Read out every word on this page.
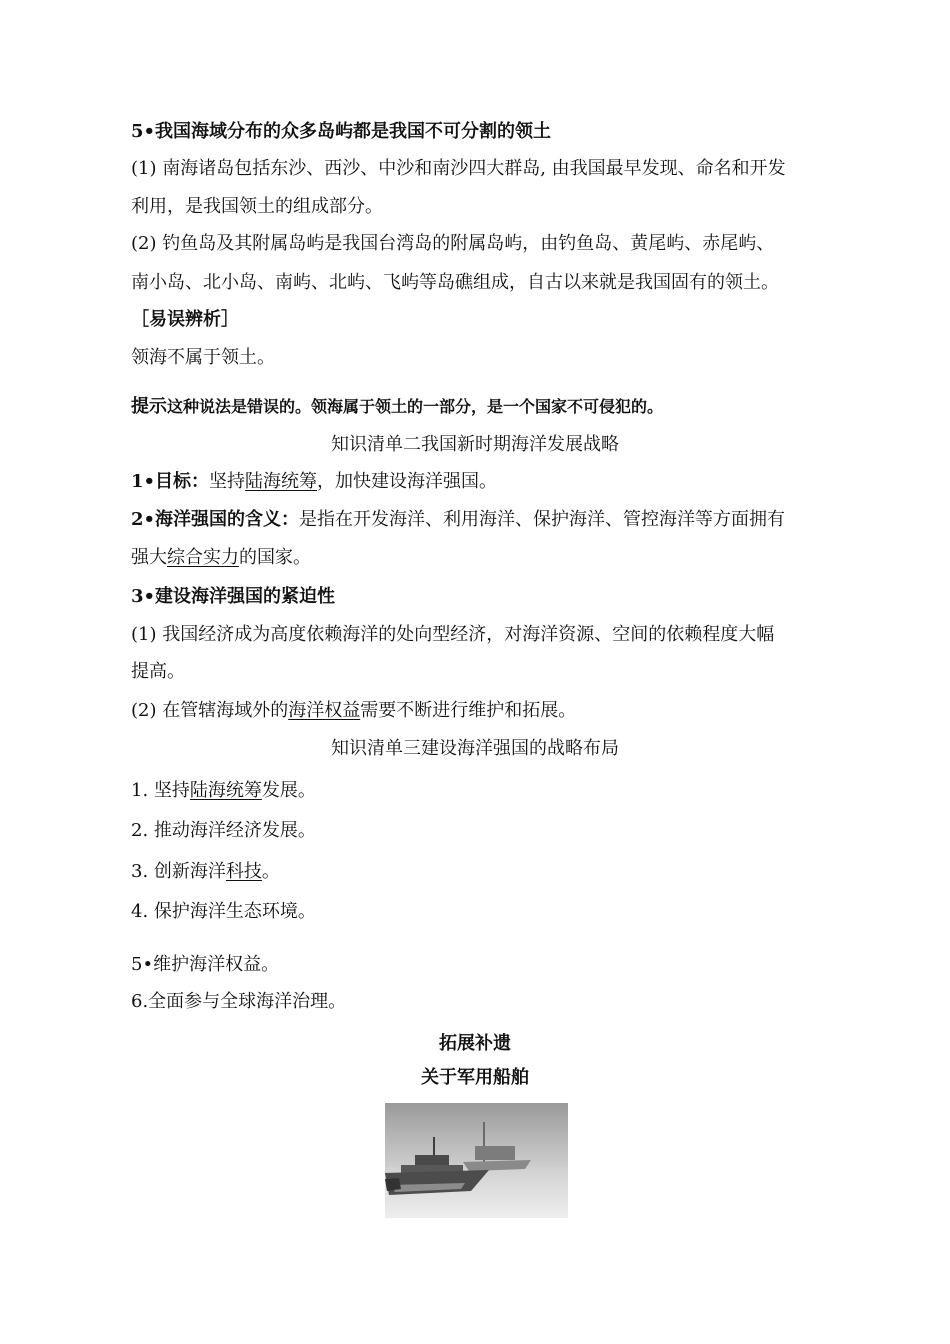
5•我国海域分布的众多岛屿都是我国不可分割的领土
(1) 南海诸岛包括东沙、西沙、中沙和南沙四大群岛, 由我国最早发现、命名和开发
利用，是我国领土的组成部分。
(2) 钓鱼岛及其附属岛屿是我国台湾岛的附属岛屿，由钓鱼岛、黄尾屿、赤尾屿、
南小岛、北小岛、南屿、北屿、飞屿等岛礁组成，自古以来就是我国固有的领土。
［易误辨析］
领海不属于领土。
提示这种说法是错误的。领海属于领土的一部分，是一个国家不可侵犯的。
知识清单二我国新时期海洋发展战略
1•目标：坚持陆海统筹，加快建设海洋强国。
2•海洋强国的含义：是指在开发海洋、利用海洋、保护海洋、管控海洋等方面拥有
强大综合实力的国家。
3•建设海洋强国的紧迫性
(1) 我国经济成为高度依赖海洋的处向型经济，对海洋资源、空间的依赖程度大幅
提高。
(2) 在管辖海域外的海洋权益需要不断进行维护和拓展。
知识清单三建设海洋强国的战略布局
1. 坚持陆海统筹发展。
2. 推动海洋经济发展。
3. 创新海洋科技。
4. 保护海洋生态环境。
5•维护海洋权益。
6.全面参与全球海洋治理。
拓展补遗
关于军用船舶
